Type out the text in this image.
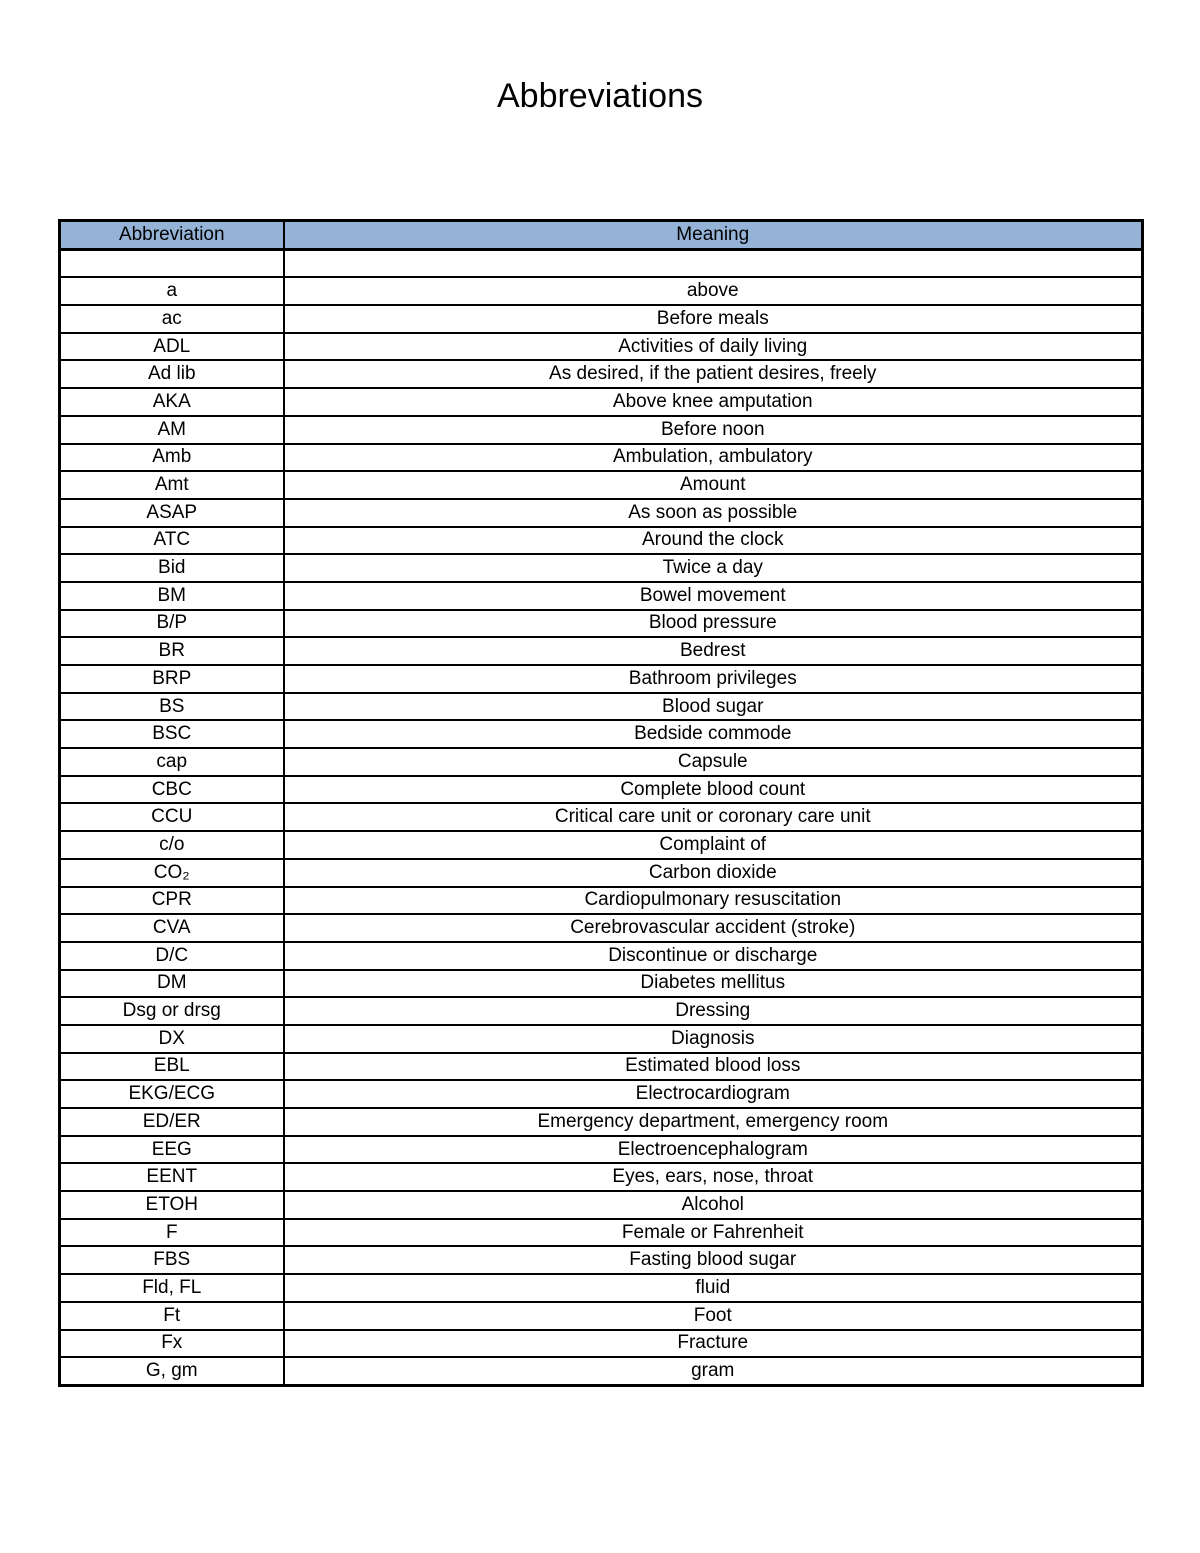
Abbreviations
Abbreviation	Meaning

a	above
ac	Before meals
ADL	Activities of daily living
Ad lib	As desired, if the patient desires, freely
AKA	Above knee amputation
AM	Before noon
Amb	Ambulation, ambulatory
Amt	Amount
ASAP	As soon as possible
ATC	Around the clock
Bid	Twice a day
BM	Bowel movement
B/P	Blood pressure
BR	Bedrest
BRP	Bathroom privileges
BS	Blood sugar
BSC	Bedside commode
cap	Capsule
CBC	Complete blood count
CCU	Critical care unit or coronary care unit
c/o	Complaint of
CO₂	Carbon dioxide
CPR	Cardiopulmonary resuscitation
CVA	Cerebrovascular accident (stroke)
D/C	Discontinue or discharge
DM	Diabetes mellitus
Dsg or drsg	Dressing
DX	Diagnosis
EBL	Estimated blood loss
EKG/ECG	Electrocardiogram
ED/ER	Emergency department, emergency room
EEG	Electroencephalogram
EENT	Eyes, ears, nose, throat
ETOH	Alcohol
F	Female or Fahrenheit
FBS	Fasting blood sugar
Fld, FL	fluid
Ft	Foot
Fx	Fracture
G, gm	gram
